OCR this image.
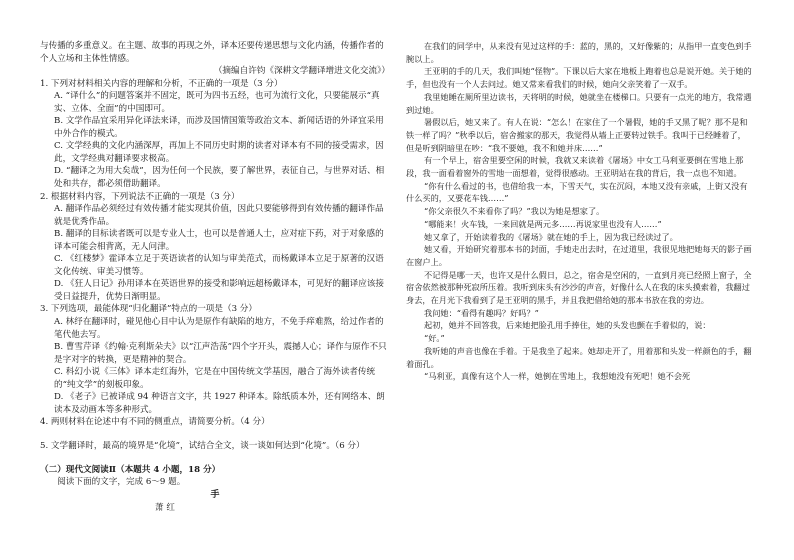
与传播的多重意义。在主题、故事的再现之外，译本还要传递思想与文化内涵，传播作者的个人立场和主体性情感。

（摘编自许钧《深耕文学翻译增进文化交流》）

1. 下列对材料相关内容的理解和分析，不正确的一项是（3 分）

A. “译什么”的问题答案并不固定，既可为四书五经，也可为流行文化，只要能展示“真实、立体、全面”的中国即可。

B. 文学作品宜采用异化译法来译，而涉及国情国策等政治文本、新闻话语的外译宜采用中外合作的模式。

C. 文学经典的文化内涵深厚，再加上不同历史时期的读者对译本有不同的接受需求，因此，文学经典对翻译要求极高。

D. “翻译之为用大矣哉”，因为任何一个民族，要了解世界，表征自己，与世界对话、相处和共存，都必须借助翻译。

2. 根据材料内容，下列说法不正确的一项是（3 分）

A. 翻译作品必须经过有效传播才能实现其价值，因此只要能够得到有效传播的翻译作品就是优秀作品。

B. 翻译的目标读者既可以是专业人士，也可以是普通人士，应对症下药，对于对象感的译本可能会相背离，无人问津。

C. 《红楼梦》霍译本立足于英语读者的认知与审美范式，而杨戴译本立足于原著的汉语文化传统、审美习惯等。

D. 《狂人日记》孙用译本在英语世界的接受和影响远超杨戴译本，可见好的翻译应该接受日益提升，优势日渐明显。

3. 下列选项，最能体现“归化翻译”特点的一项是（3 分）

A. 林纾在翻译时，碰见他心目中认为是原作有缺陷的地方，不免手痒难熬，给过作者的笔代他去写。

B. 曹雪芹译《约翰·克利斯朵夫》以“江声浩荡”四个字开头，震撼人心；译作与原作不只是字对字的转换，更是精神的契合。

C. 科幻小说《三体》译本走红海外，它是在中国传统文学基因，融合了海外读者传统的“纯文学”的刻板印象。

D. 《老子》已被译成 94 种语言文字，共 1927 种译本。除纸质本外，还有网络本、朗读本及动画本等多种形式。

4. 两则材料在论述中有不同的侧重点，请简要分析。（4 分）

5. 文学翻译时，最高的境界是“化境”，试结合全文，谈一谈如何达到“化境”。（6 分）

（二）现代文阅读Ⅱ（本题共 4 小题，18 分）

阅读下面的文字，完成 6～9 题。

手

萧 红

在我们的同学中，从来没有见过这样的手：蓝的，黑的，又好像紫的；从指甲一直变色到手腕以上。

王亚明的手的几天，我们叫她“怪物”。下课以后大家在地板上跑着也总是说开她。关于她的手，但也没有一个人去问过。她又常来看我们的时候，她向父亲笑着了一双手。

我里她睡在厕所里边读书，天将明的时候，她就坐在楼梯口。只要有一点光的地方，我常遇到过她。

暑假以后，她又来了。有人在说：“怎么！在家住了一个暑假，她的手又黑了呢？那不是和铁一样了吗？”秋季以后，宿舍搬家的那天，我觉得从墙上正要转过铁手。我叫于已经睡着了，但是听到阴暗里在吵：“我不要她，我不和她并床……”

有一个早上，宿舍里要空闲的时候，我就又来读着《屠场》中女工马利亚要倒在雪地上那段，我一面看着窗外的雪地一面想着，觉得很感动。王亚明站在我的背后，我一点也不知道。

“你有什么看过的书，也借给我一本，下雪天气，实在沉闷，本地又没有亲戚，上街又没有什么买的，又要花车钱……”

“你父亲很久不来看你了吗？”我以为她是想家了。

“哪能来！火车钱，一来回就是两元多……再说家里也没有人……”

她又拿了，开始读着我的《屠场》就在她的手上，因为我已经读过了。

她又看，开始研究着那本书的封面，手她走出去时，在过道里，我很见地把她每天的影子画在窗户上。

不记得是哪一天，也许又是什么假日，总之，宿舍是空闲的，一直到月亮已经照上窗子，全宿舍依然被那种死寂所压着。我听到床头有沙沙的声音，好像什么人在我的床头摸索着，我翻过身去，在月光下我看到了是王亚明的黑手，并且我把借给她的那本书放在我的旁边。

我问她：“看得有趣吗？好吗？”

起初，她并不回答我，后来她把脸孔用手捧住，她的头发也颤在手着似的，说：

“好。”

我听她的声音也像在手着。于是我坐了起来。她却走开了，用着那和头发一样颜色的手，翻着面孔。

“马利亚，真像有这个人一样，她倒在雪地上，我想她没有死吧！她不会死
